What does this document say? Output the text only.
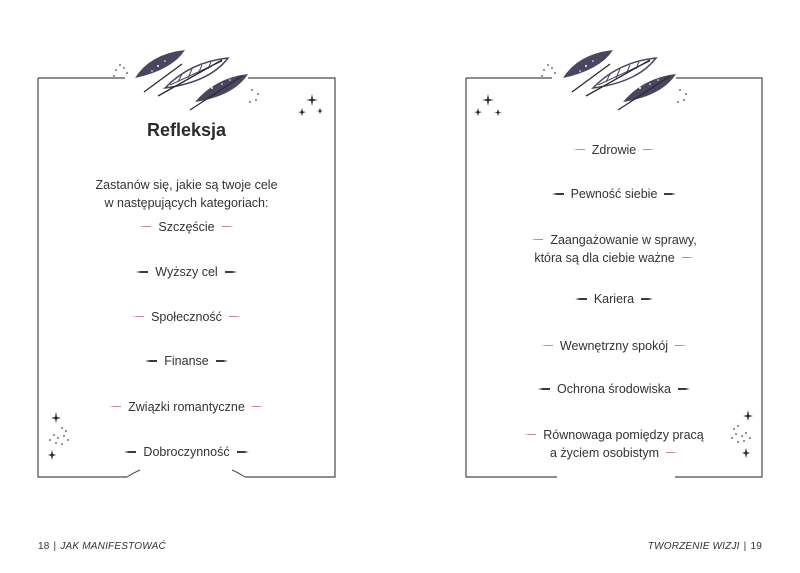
Refleksja
Zastanów się, jakie są twoje cele
w następujących kategoriach:
Szczęście
Wyższy cel
Społeczność
Finanse
Związki romantyczne
Dobroczynność
Zdrowie
Pewność siebie
Zaangażowanie w sprawy,
która są dla ciebie ważne
Kariera
Wewnętrzny spokój
Ochrona środowiska
Równowaga pomiędzy pracą
a życiem osobistym
18 | JAK MANIFESTOWAĆ	TWORZENIE WIZJI | 19
